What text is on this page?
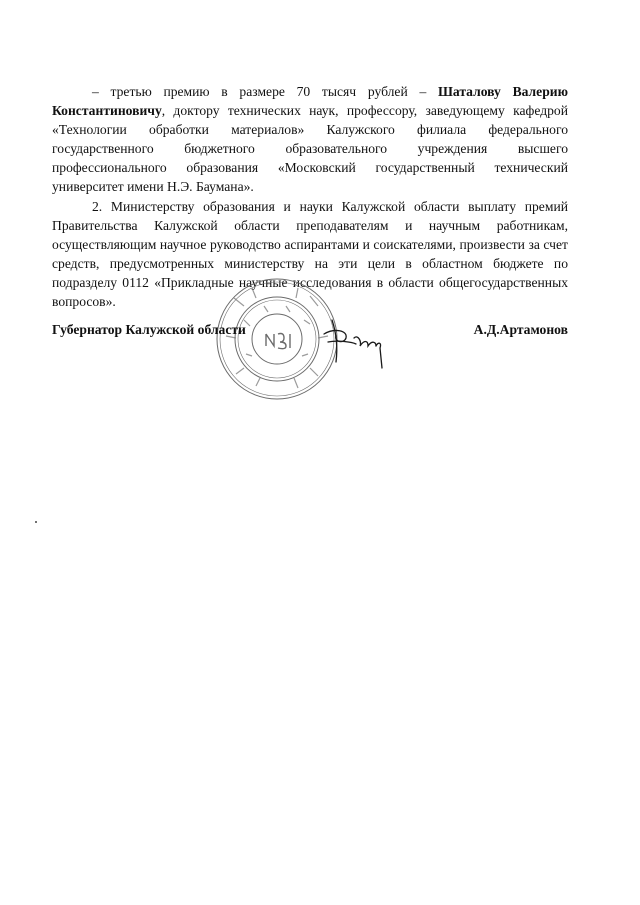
– третью премию в размере 70 тысяч рублей – Шаталову Валерию Константиновичу, доктору технических наук, профессору, заведующему кафедрой «Технологии обработки материалов» Калужского филиала федерального государственного бюджетного образовательного учреждения высшего профессионального образования «Московский государственный технический университет имени Н.Э. Баумана».

2. Министерству образования и науки Калужской области выплату премий Правительства Калужской области преподавателям и научным работникам, осуществляющим научное руководство аспирантами и соискателями, произвести за счет средств, предусмотренных министерству на эти цели в областном бюджете по подразделу 0112 «Прикладные научные исследования в области общегосударственных вопросов».

Губернатор Калужской области	А.Д.Артамонов
